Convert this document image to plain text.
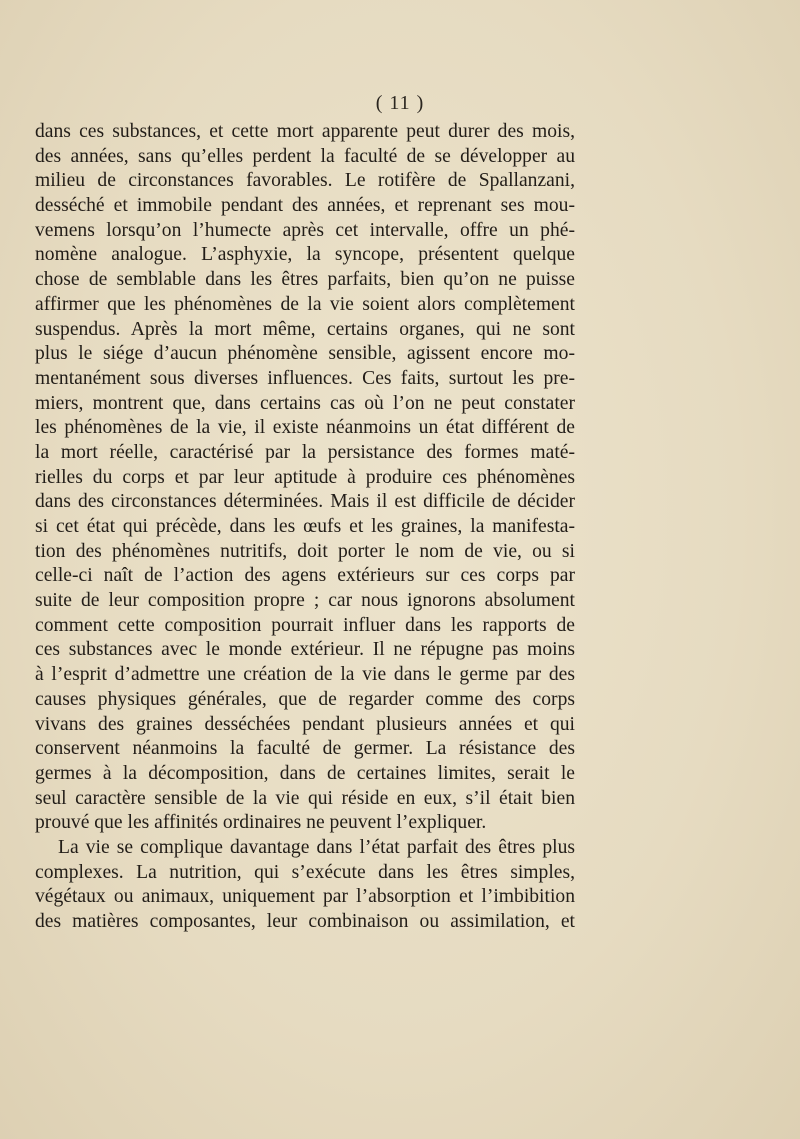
( 11 )
dans ces substances, et cette mort apparente peut durer des mois,
des années, sans qu’elles perdent la faculté de se développer au
milieu de circonstances favorables. Le rotifère de Spallanzani,
desséché et immobile pendant des années, et reprenant ses mou-
vemens lorsqu’on l’humecte après cet intervalle, offre un phé-
nomène analogue. L’asphyxie, la syncope, présentent quelque
chose de semblable dans les êtres parfaits, bien qu’on ne puisse
affirmer que les phénomènes de la vie soient alors complètement
suspendus. Après la mort même, certains organes, qui ne sont
plus le siége d’aucun phénomène sensible, agissent encore mo-
mentanément sous diverses influences. Ces faits, surtout les pre-
miers, montrent que, dans certains cas où l’on ne peut constater
les phénomènes de la vie, il existe néanmoins un état différent de
la mort réelle, caractérisé par la persistance des formes maté-
rielles du corps et par leur aptitude à produire ces phénomènes
dans des circonstances déterminées. Mais il est difficile de décider
si cet état qui précède, dans les œufs et les graines, la manifesta-
tion des phénomènes nutritifs, doit porter le nom de vie, ou si
celle-ci naît de l’action des agens extérieurs sur ces corps par
suite de leur composition propre ; car nous ignorons absolument
comment cette composition pourrait influer dans les rapports de
ces substances avec le monde extérieur. Il ne répugne pas moins
à l’esprit d’admettre une création de la vie dans le germe par des
causes physiques générales, que de regarder comme des corps
vivans des graines desséchées pendant plusieurs années et qui
conservent néanmoins la faculté de germer. La résistance des
germes à la décomposition, dans de certaines limites, serait le
seul caractère sensible de la vie qui réside en eux, s’il était bien
prouvé que les affinités ordinaires ne peuvent l’expliquer.
La vie se complique davantage dans l’état parfait des êtres plus
complexes. La nutrition, qui s’exécute dans les êtres simples,
végétaux ou animaux, uniquement par l’absorption et l’imbibition
des matières composantes, leur combinaison ou assimilation, et
